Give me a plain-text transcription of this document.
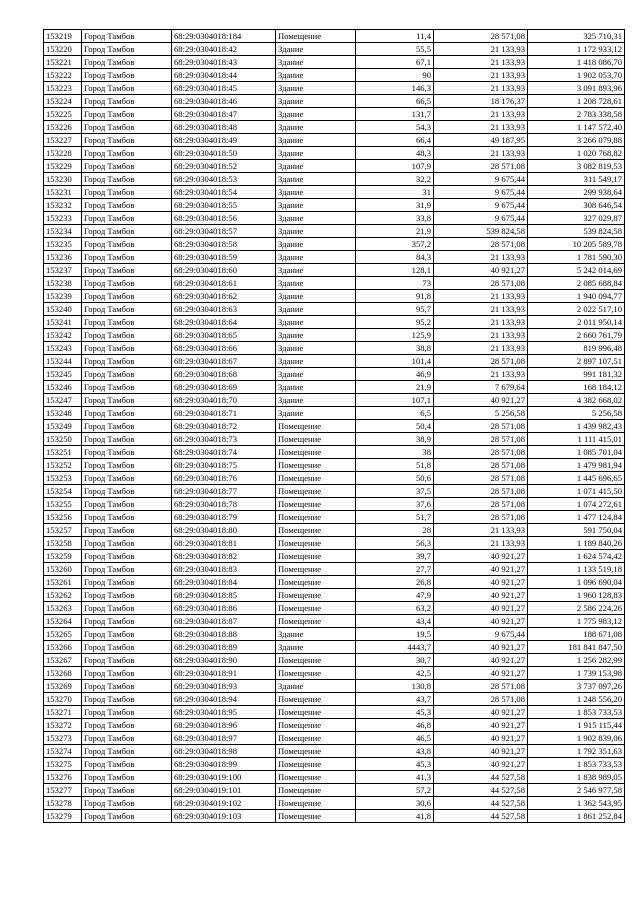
153219	Город Тамбов	68:29:0304018:184	Помещение	11,4	28 571,08	325 710,31
153220	Город Тамбов	68:29:0304018:42	Здание	55,5	21 133,93	1 172 933,12
153221	Город Тамбов	68:29:0304018:43	Здание	67,1	21 133,93	1 418 086,70
153222	Город Тамбов	68:29:0304018:44	Здание	90	21 133,93	1 902 053,70
153223	Город Тамбов	68:29:0304018:45	Здание	146,3	21 133,93	3 091 893,96
153224	Город Тамбов	68:29:0304018:46	Здание	66,5	18 176,37	1 208 728,61
153225	Город Тамбов	68:29:0304018:47	Здание	131,7	21 133,93	2 783 338,58
153226	Город Тамбов	68:29:0304018:48	Здание	54,3	21 133,93	1 147 572,40
153227	Город Тамбов	68:29:0304018:49	Здание	66,4	49 187,95	3 266 079,88
153228	Город Тамбов	68:29:0304018:50	Здание	48,3	21 133,93	1 020 768,82
153229	Город Тамбов	68:29:0304018:52	Здание	107,9	28 571,08	3 082 819,53
153230	Город Тамбов	68:29:0304018:53	Здание	32,2	9 675,44	311 549,17
153231	Город Тамбов	68:29:0304018:54	Здание	31	9 675,44	299 938,64
153232	Город Тамбов	68:29:0304018:55	Здание	31,9	9 675,44	308 646,54
153233	Город Тамбов	68:29:0304018:56	Здание	33,8	9 675,44	327 029,87
153234	Город Тамбов	68:29:0304018:57	Здание	21,9	539 824,58	539 824,58
153235	Город Тамбов	68:29:0304018:58	Здание	357,2	28 571,08	10 205 589,78
153236	Город Тамбов	68:29:0304018:59	Здание	84,3	21 133,93	1 781 590,30
153237	Город Тамбов	68:29:0304018:60	Здание	128,1	40 921,27	5 242 014,69
153238	Город Тамбов	68:29:0304018:61	Здание	73	28 571,08	2 085 688,84
153239	Город Тамбов	68:29:0304018:62	Здание	91,8	21 133,93	1 940 094,77
153240	Город Тамбов	68:29:0304018:63	Здание	95,7	21 133,93	2 022 517,10
153241	Город Тамбов	68:29:0304018:64	Здание	95,2	21 133,93	2 011 950,14
153242	Город Тамбов	68:29:0304018:65	Здание	125,9	21 133,93	2 660 761,79
153243	Город Тамбов	68:29:0304018:66	Здание	38,8	21 133,93	819 996,48
153244	Город Тамбов	68:29:0304018:67	Здание	101,4	28 571,08	2 897 107,51
153245	Город Тамбов	68:29:0304018:68	Здание	46,9	21 133,93	991 181,32
153246	Город Тамбов	68:29:0304018:69	Здание	21,9	7 679,64	168 184,12
153247	Город Тамбов	68:29:0304018:70	Здание	107,1	40 921,27	4 382 668,02
153248	Город Тамбов	68:29:0304018:71	Здание	6,5	5 256,58	5 256,58
153249	Город Тамбов	68:29:0304018:72	Помещение	50,4	28 571,08	1 439 982,43
153250	Город Тамбов	68:29:0304018:73	Помещение	38,9	28 571,08	1 111 415,01
153251	Город Тамбов	68:29:0304018:74	Помещение	38	28 571,08	1 085 701,04
153252	Город Тамбов	68:29:0304018:75	Помещение	51,8	28 571,08	1 479 981,94
153253	Город Тамбов	68:29:0304018:76	Помещение	50,6	28 571,08	1 445 696,65
153254	Город Тамбов	68:29:0304018:77	Помещение	37,5	28 571,08	1 071 415,50
153255	Город Тамбов	68:29:0304018:78	Помещение	37,6	28 571,08	1 074 272,61
153256	Город Тамбов	68:29:0304018:79	Помещение	51,7	28 571,08	1 477 124,84
153257	Город Тамбов	68:29:0304018:80	Помещение	28	21 133,93	591 750,04
153258	Город Тамбов	68:29:0304018:81	Помещение	56,3	21 133,93	1 189 840,26
153259	Город Тамбов	68:29:0304018:82	Помещение	39,7	40 921,27	1 624 574,42
153260	Город Тамбов	68:29:0304018:83	Помещение	27,7	40 921,27	1 133 519,18
153261	Город Тамбов	68:29:0304018:84	Помещение	26,8	40 921,27	1 096 690,04
153262	Город Тамбов	68:29:0304018:85	Помещение	47,9	40 921,27	1 960 128,83
153263	Город Тамбов	68:29:0304018:86	Помещение	63,2	40 921,27	2 586 224,26
153264	Город Тамбов	68:29:0304018:87	Помещение	43,4	40 921,27	1 775 983,12
153265	Город Тамбов	68:29:0304018:88	Здание	19,5	9 675,44	188 671,08
153266	Город Тамбов	68:29:0304018:89	Здание	4443,7	40 921,27	181 841 847,50
153267	Город Тамбов	68:29:0304018:90	Помещение	30,7	40 921,27	1 256 282,99
153268	Город Тамбов	68:29:0304018:91	Помещение	42,5	40 921,27	1 739 153,98
153269	Город Тамбов	68:29:0304018:93	Здание	130,8	28 571,08	3 737 097,26
153270	Город Тамбов	68:29:0304018:94	Помещение	43,7	28 571,08	1 248 556,20
153271	Город Тамбов	68:29:0304018:95	Помещение	45,3	40 921,27	1 853 733,53
153272	Город Тамбов	68:29:0304018:96	Помещение	46,8	40 921,27	1 915 115,44
153273	Город Тамбов	68:29:0304018:97	Помещение	46,5	40 921,27	1 902 839,06
153274	Город Тамбов	68:29:0304018:98	Помещение	43,8	40 921,27	1 792 351,63
153275	Город Тамбов	68:29:0304018:99	Помещение	45,3	40 921,27	1 853 733,53
153276	Город Тамбов	68:29:0304019:100	Помещение	41,3	44 527,58	1 838 989,05
153277	Город Тамбов	68:29:0304019:101	Помещение	57,2	44 527,58	2 546 977,58
153278	Город Тамбов	68:29:0304019:102	Помещение	30,6	44 527,58	1 362 543,95
153279	Город Тамбов	68:29:0304019:103	Помещение	41,8	44 527,58	1 861 252,84
